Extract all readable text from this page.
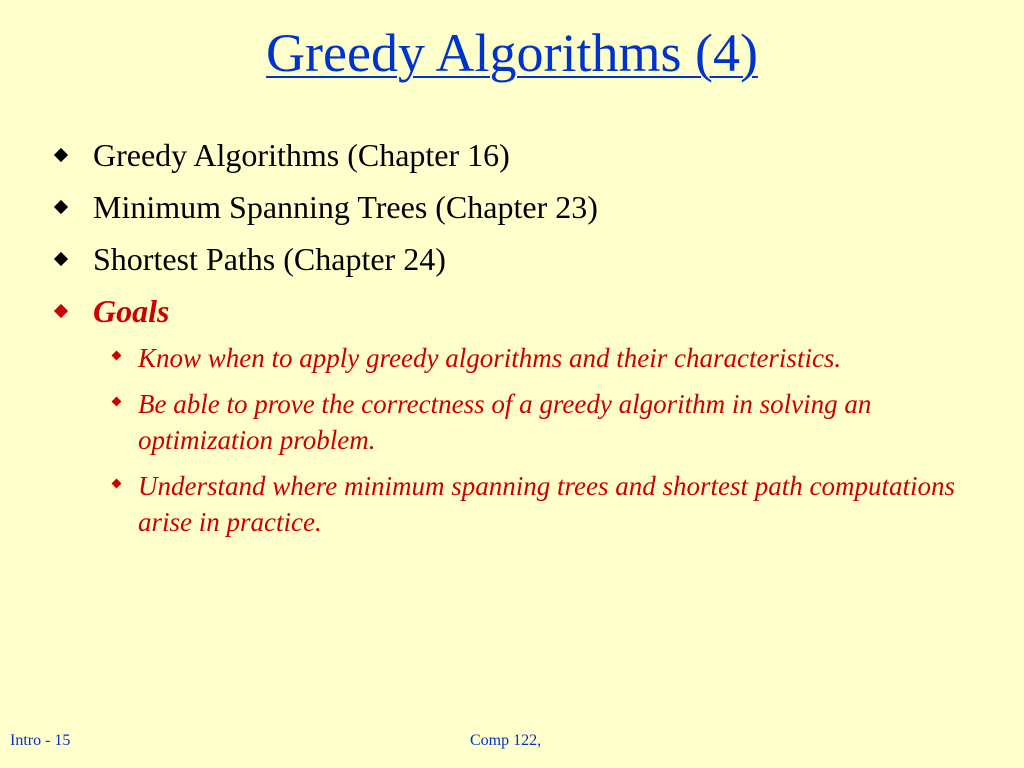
Greedy Algorithms (4)
Greedy Algorithms (Chapter 16)
Minimum Spanning Trees (Chapter 23)
Shortest Paths (Chapter 24)
Goals
Know when to apply greedy algorithms and their characteristics.
Be able to prove the correctness of a greedy algorithm in solving an optimization problem.
Understand where minimum spanning trees and shortest path computations arise in practice.
Intro - 15	Comp 122,
